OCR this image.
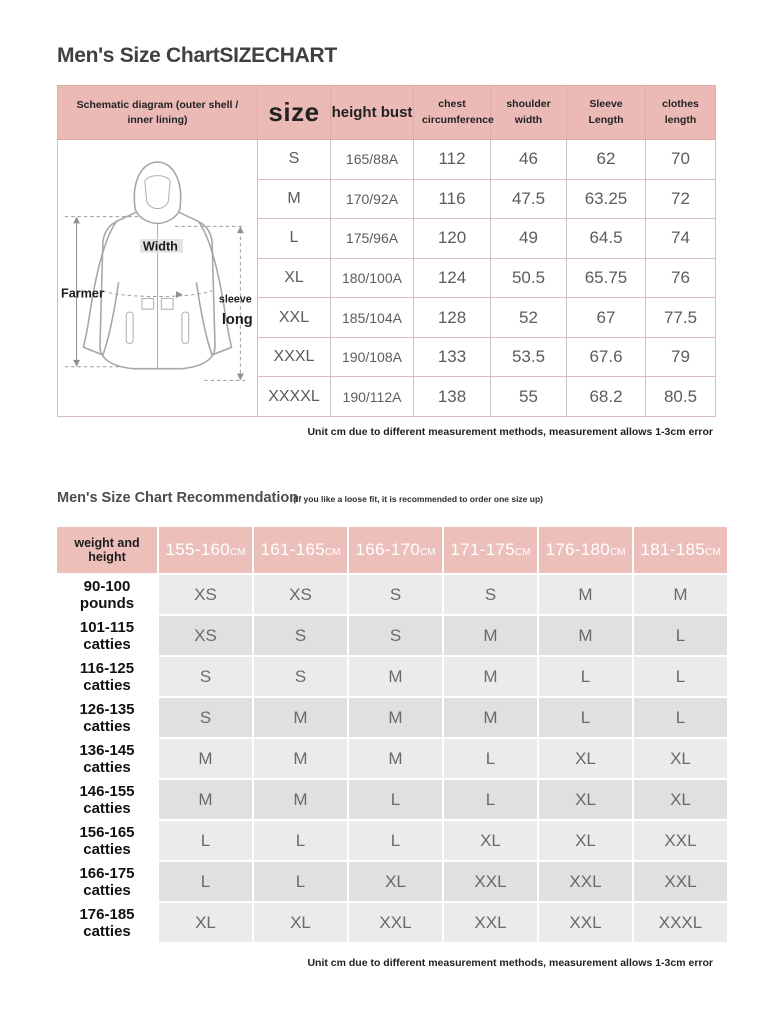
Men's Size ChartSIZECHART
Schematic diagram (outer shell / inner lining)	size	height bust	chest circumference	shoulder width	Sleeve Length	clothes length

Width
Farmer sleeve
long	S	165/88A	112	46	62	70
	M	170/92A	116	47.5	63.25	72
	L	175/96A	120	49	64.5	74
	XL	180/100A	124	50.5	65.75	76
	XXL	185/104A	128	52	67	77.5
	XXXL	190/108A	133	53.5	67.6	79
	XXXXL	190/112A	138	55	68.2	80.5
Unit cm due to different measurement methods, measurement allows 1-3cm error
Men's Size Chart Recommendation(If you like a loose fit, it is recommended to order one size up)
weight and height	155-160CM	161-165CM	166-170CM	171-175CM	176-180CM	181-185CM
90-100 pounds	XS	XS	S	S	M	M
101-115 catties	XS	S	S	M	M	L
116-125 catties	S	S	M	M	L	L
126-135 catties	S	M	M	M	L	L
136-145 catties	M	M	M	L	XL	XL
146-155 catties	M	M	L	L	XL	XL
156-165 catties	L	L	L	XL	XL	XXL
166-175 catties	L	L	XL	XXL	XXL	XXL
176-185 catties	XL	XL	XXL	XXL	XXL	XXXL
Unit cm due to different measurement methods, measurement allows 1-3cm error
